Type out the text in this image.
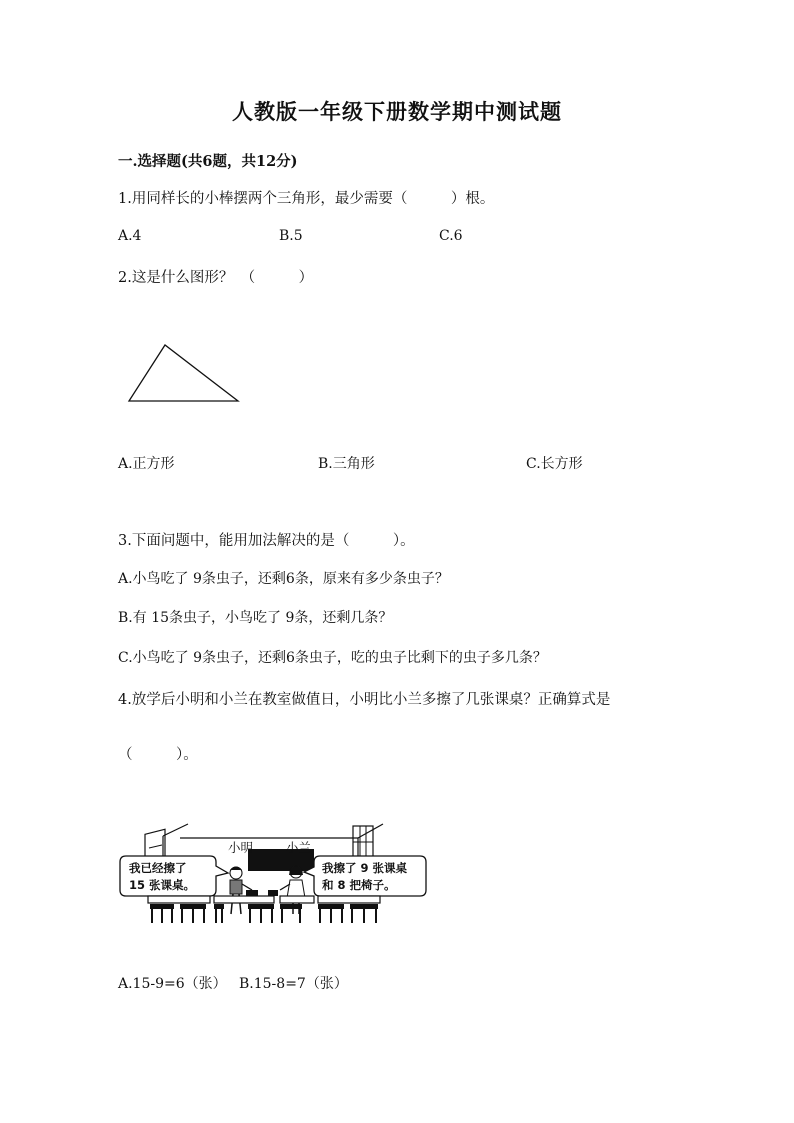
人教版一年级下册数学期中测试题
一.选择题(共6题，共12分)
1.用同样长的小棒摆两个三角形，最少需要（　　　）根。
A.4	B.5	C.6
2.这是什么图形？　（　　　）
A.正方形	B.三角形	C.长方形
3.下面问题中，能用加法解决的是（　　　）。
A.小鸟吃了 9条虫子，还剩6条，原来有多少条虫子？
B.有 15条虫子，小鸟吃了 9条，还剩几条？
C.小鸟吃了 9条虫子，还剩6条虫子，吃的虫子比剩下的虫子多几条？
4.放学后小明和小兰在教室做值日，小明比小兰多擦了几张课桌？正确算式是
（　　　）。
小明	小兰
我已经擦了
15 张课桌。
我擦了 9 张课桌
和 8 把椅子。
A.15-9=6（张） B.15-8=7（张）
